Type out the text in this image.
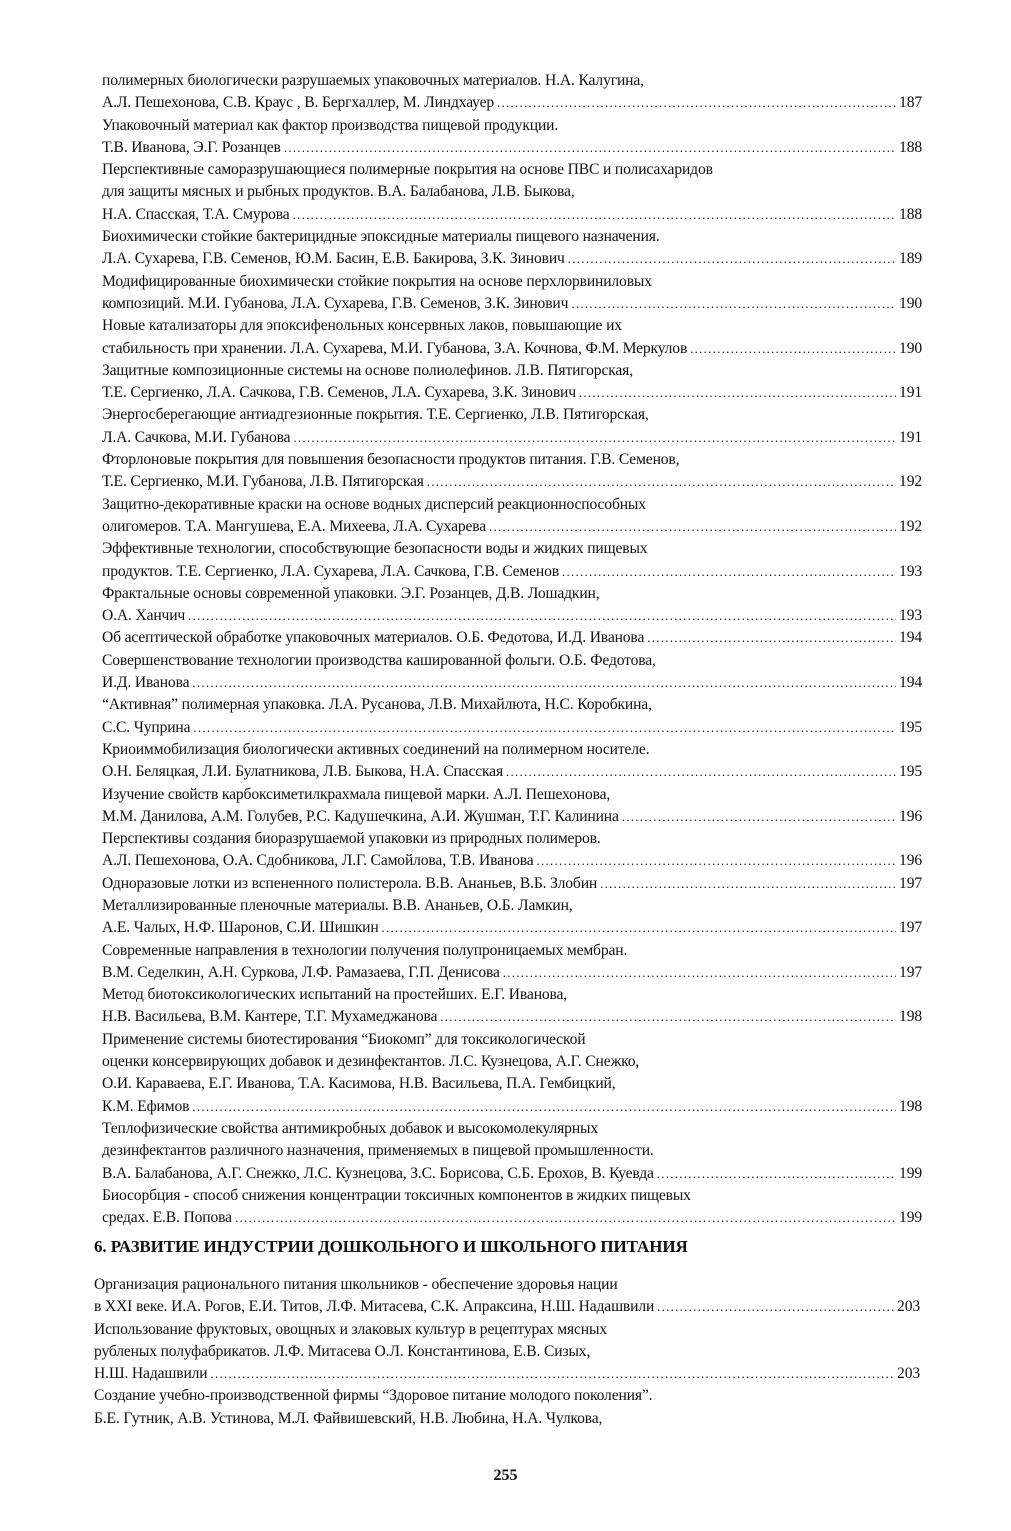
полимерных биологически разрушаемых упаковочных материалов. Н.А. Калугина,
А.Л. Пешехонова, С.В. Краус , В. Бергхаллер, М. Линдхауер . . .	187
Упаковочный материал как фактор производства пищевой продукции.
Т.В. Иванова, Э.Г. Розанцев . . .	188
Перспективные саморазрушающиеся полимерные покрытия на основе ПВС и полисахаридов
для защиты мясных и рыбных продуктов. В.А. Балабанова, Л.В. Быкова,
Н.А. Спасская, Т.А. Смурова . . .	188
Биохимически стойкие бактерицидные эпоксидные материалы пищевого назначения.
Л.А. Сухарева, Г.В. Семенов, Ю.М. Басин, Е.В. Бакирова, З.К. Зинович . . .	189
Модифицированные биохимически стойкие покрытия на основе перхлорвиниловых
композиций. М.И. Губанова, Л.А. Сухарева, Г.В. Семенов, З.К. Зинович . . .	190
Новые катализаторы для эпоксифенольных консервных лаков, повышающие их
стабильность при хранении. Л.А. Сухарева, М.И. Губанова, З.А. Кочнова, Ф.М. Меркулов . . .	190
Защитные композиционные системы на основе полиолефинов. Л.В. Пятигорская,
Т.Е. Сергиенко, Л.А. Сачкова, Г.В. Семенов, Л.А. Сухарева, З.К. Зинович . . .	191
Энергосберегающие антиадгезионные покрытия. Т.Е. Сергиенко, Л.В. Пятигорская,
Л.А. Сачкова, М.И. Губанова . . .	191
Фторлоновые покрытия для повышения безопасности продуктов питания. Г.В. Семенов,
Т.Е. Сергиенко, М.И. Губанова, Л.В. Пятигорская . . .	192
Защитно-декоративные краски на основе водных дисперсий реакционноспособных
олигомеров. Т.А. Мангушева, Е.А. Михеева, Л.А. Сухарева . . .	192
Эффективные технологии, способствующие безопасности воды и жидких пищевых
продуктов. Т.Е. Сергиенко, Л.А. Сухарева, Л.А. Сачкова, Г.В. Семенов . . .	193
Фрактальные основы современной упаковки. Э.Г. Розанцев, Д.В. Лошадкин,
О.А. Ханчич . . .	193
Об асептической обработке упаковочных материалов. О.Б. Федотова, И.Д. Иванова . . .	194
Совершенствование технологии производства кашированной фольги. О.Б. Федотова,
И.Д. Иванова . . .	194
“Активная” полимерная упаковка. Л.А. Русанова, Л.В. Михайлюта, Н.С. Коробкина,
С.С. Чуприна . . .	195
Криоиммобилизация биологически активных соединений на полимерном носителе.
О.Н. Беляцкая, Л.И. Булатникова, Л.В. Быкова, Н.А. Спасская . . .	195
Изучение свойств карбоксиметилкрахмала пищевой марки. А.Л. Пешехонова,
М.М. Данилова, А.М. Голубев, Р.С. Кадушечкина, А.И. Жушман, Т.Г. Калинина . . .	196
Перспективы создания биоразрушаемой упаковки из природных полимеров.
А.Л. Пешехонова, О.А. Сдобникова, Л.Г. Самойлова, Т.В. Иванова . . .	196
Одноразовые лотки из вспененного полистерола. В.В. Ананьев, В.Б. Злобин . . .	197
Металлизированные пленочные материалы. В.В. Ананьев, О.Б. Ламкин,
А.Е. Чалых, Н.Ф. Шаронов, С.И. Шишкин . . .	197
Современные направления в технологии получения полупроницаемых мембран.
В.М. Седелкин, А.Н. Суркова, Л.Ф. Рамазаева, Г.П. Денисова . . .	197
Метод биотоксикологических испытаний на простейших. Е.Г. Иванова,
Н.В. Васильева, В.М. Кантере, Т.Г. Мухамеджанова . . .	198
Применение системы биотестирования “Биокомп” для токсикологической
оценки консервирующих добавок и дезинфектантов. Л.С. Кузнецова, А.Г. Снежко,
О.И. Караваева, Е.Г. Иванова, Т.А. Касимова, Н.В. Васильева, П.А. Гембицкий,
К.М. Ефимов . . .	198
Теплофизические свойства антимикробных добавок и высокомолекулярных
дезинфектантов различного назначения, применяемых в пищевой промышленности.
В.А. Балабанова, А.Г. Снежко, Л.С. Кузнецова, З.С. Борисова, С.Б. Ерохов, В. Куевда . . .	199
Биосорбция - способ снижения концентрации токсичных компонентов в жидких пищевых
средах. Е.В. Попова . . .	199
6. РАЗВИТИЕ ИНДУСТРИИ ДОШКОЛЬНОГО И ШКОЛЬНОГО ПИТАНИЯ
Организация рационального питания школьников - обеспечение здоровья нации
в XXI веке. И.А. Рогов, Е.И. Титов, Л.Ф. Митасева, С.К. Апраксина, Н.Ш. Надашвили . . .	203
Использование фруктовых, овощных и злаковых культур в рецептурах мясных
рубленых полуфабрикатов. Л.Ф. Митасева О.Л. Константинова, Е.В. Сизых,
Н.Ш. Надашвили . . .	203
Создание учебно-производственной фирмы “Здоровое питание молодого поколения”.
Б.Е. Гутник, А.В. Устинова, М.Л. Файвишевский, Н.В. Любина, Н.А. Чулкова,
255
